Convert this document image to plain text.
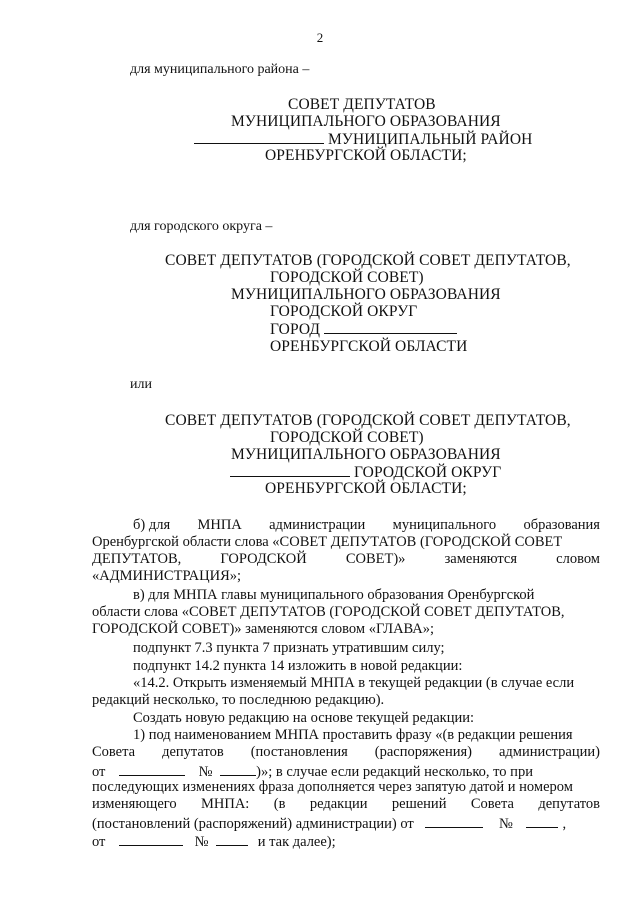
2
для муниципального района –
СОВЕТ ДЕПУТАТОВ
МУНИЦИПАЛЬНОГО ОБРАЗОВАНИЯ
МУНИЦИПАЛЬНЫЙ РАЙОН
ОРЕНБУРГСКОЙ ОБЛАСТИ;
для городского округа –
СОВЕТ ДЕПУТАТОВ (ГОРОДСКОЙ СОВЕТ ДЕПУТАТОВ,
ГОРОДСКОЙ СОВЕТ)
МУНИЦИПАЛЬНОГО ОБРАЗОВАНИЯ
ГОРОДСКОЙ ОКРУГ
ГОРОД
ОРЕНБУРГСКОЙ ОБЛАСТИ
или
СОВЕТ ДЕПУТАТОВ (ГОРОДСКОЙ СОВЕТ ДЕПУТАТОВ,
ГОРОДСКОЙ СОВЕТ)
МУНИЦИПАЛЬНОГО ОБРАЗОВАНИЯ
ГОРОДСКОЙ ОКРУГ
ОРЕНБУРГСКОЙ ОБЛАСТИ;
б) для МНПА администрации муниципального образования
Оренбургской области слова «СОВЕТ ДЕПУТАТОВ (ГОРОДСКОЙ СОВЕТ
ДЕПУТАТОВ,	ГОРОДСКОЙ	СОВЕТ)»	заменяются	словом
«АДМИНИСТРАЦИЯ»;
в) для МНПА главы муниципального образования Оренбургской
области слова «СОВЕТ ДЕПУТАТОВ (ГОРОДСКОЙ СОВЕТ ДЕПУТАТОВ,
ГОРОДСКОЙ СОВЕТ)» заменяются словом «ГЛАВА»;
подпункт 7.3 пункта 7 признать утратившим силу;
подпункт 14.2 пункта 14 изложить в новой редакции:
«14.2. Открыть изменяемый МНПА в текущей редакции (в случае если
редакций несколько, то последнюю редакцию).
Создать новую редакцию на основе текущей редакции:
1) под наименованием МНПА проставить фразу «(в редакции решения
Совета депутатов (постановления (распоряжения) администрации)
от	№	)»; в случае если редакций несколько, то при
последующих изменениях фраза дополняется через запятую датой и номером
изменяющего МНПА: (в редакции решений Совета депутатов
(постановлений (распоряжений) администрации) от	№	,
от	№	и так далее);
